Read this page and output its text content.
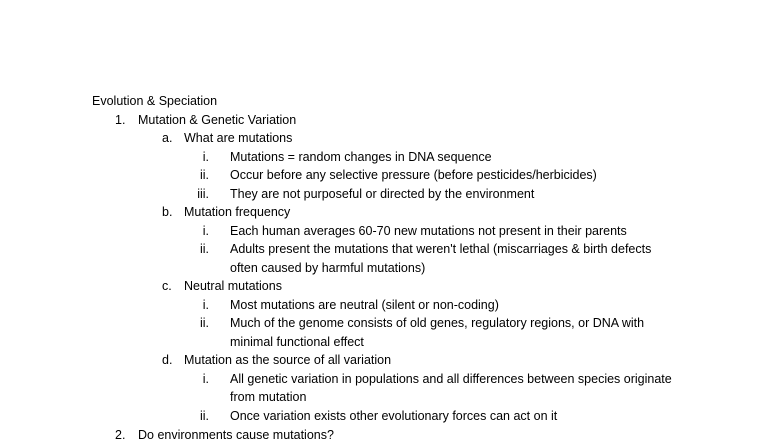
Evolution & Speciation
1. Mutation & Genetic Variation
a. What are mutations
i. Mutations = random changes in DNA sequence
ii. Occur before any selective pressure (before pesticides/herbicides)
iii. They are not purposeful or directed by the environment
b. Mutation frequency
i. Each human averages 60-70 new mutations not present in their parents
ii. Adults present the mutations that weren't lethal (miscarriages & birth defects often caused by harmful mutations)
c. Neutral mutations
i. Most mutations are neutral (silent or non-coding)
ii. Much of the genome consists of old genes, regulatory regions, or DNA with minimal functional effect
d. Mutation as the source of all variation
i. All genetic variation in populations and all differences between species originate from mutation
ii. Once variation exists other evolutionary forces can act on it
2. Do environments cause mutations?
